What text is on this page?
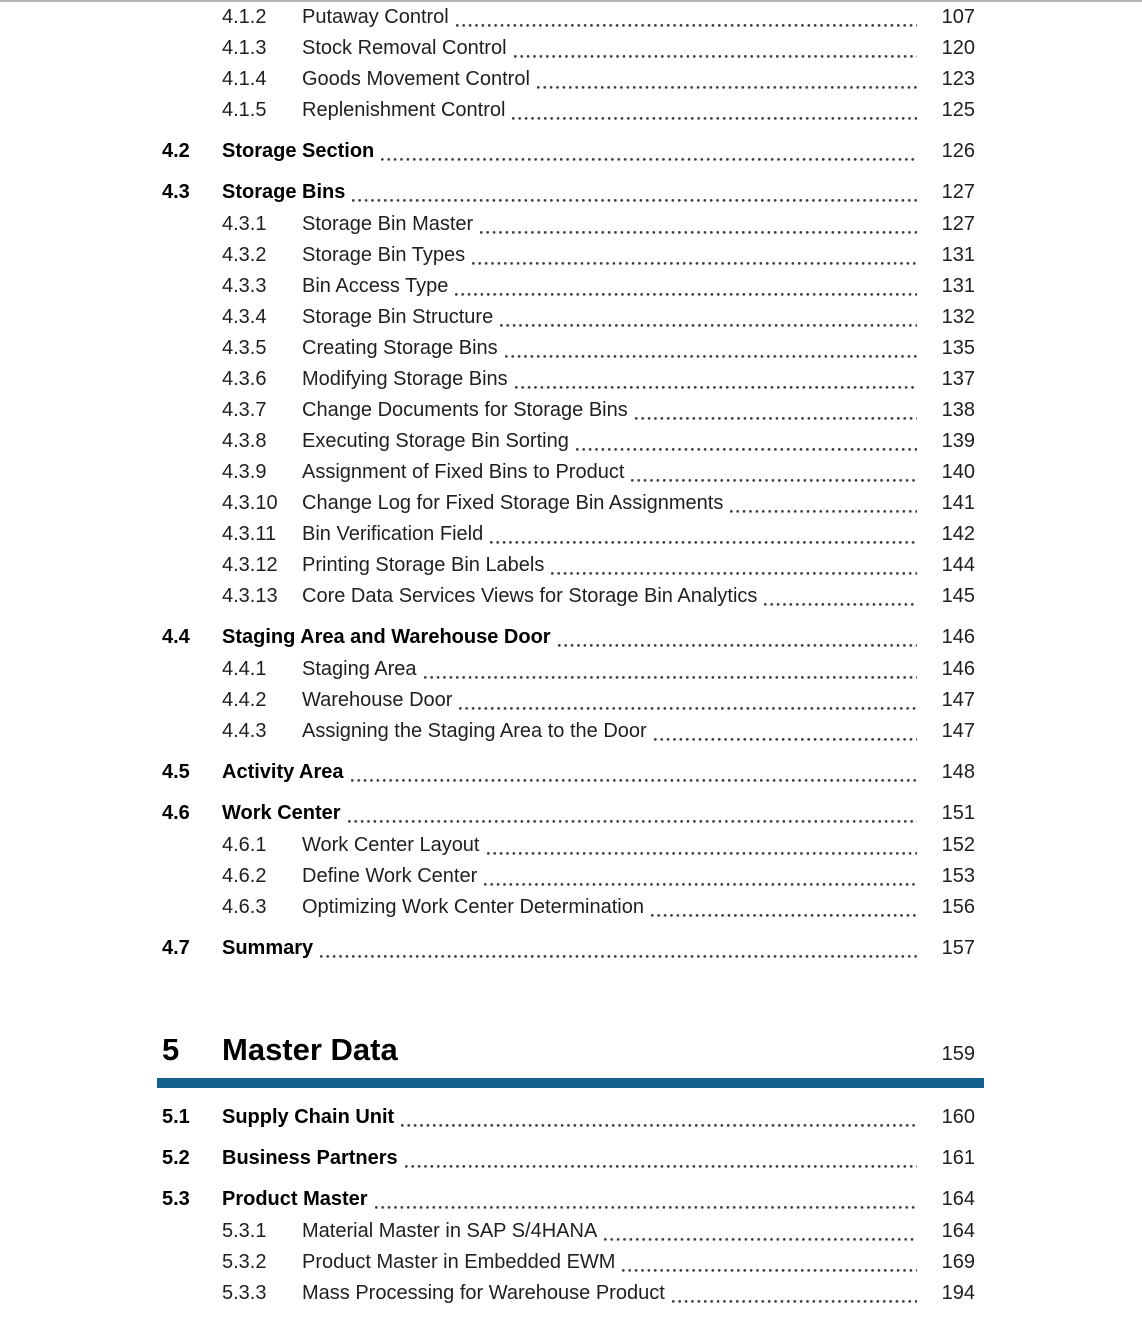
4.1.2	Putaway Control	107
4.1.3	Stock Removal Control	120
4.1.4	Goods Movement Control	123
4.1.5	Replenishment Control	125
4.2	Storage Section	126
4.3	Storage Bins	127
4.3.1	Storage Bin Master	127
4.3.2	Storage Bin Types	131
4.3.3	Bin Access Type	131
4.3.4	Storage Bin Structure	132
4.3.5	Creating Storage Bins	135
4.3.6	Modifying Storage Bins	137
4.3.7	Change Documents for Storage Bins	138
4.3.8	Executing Storage Bin Sorting	139
4.3.9	Assignment of Fixed Bins to Product	140
4.3.10	Change Log for Fixed Storage Bin Assignments	141
4.3.11	Bin Verification Field	142
4.3.12	Printing Storage Bin Labels	144
4.3.13	Core Data Services Views for Storage Bin Analytics	145
4.4	Staging Area and Warehouse Door	146
4.4.1	Staging Area	146
4.4.2	Warehouse Door	147
4.4.3	Assigning the Staging Area to the Door	147
4.5	Activity Area	148
4.6	Work Center	151
4.6.1	Work Center Layout	152
4.6.2	Define Work Center	153
4.6.3	Optimizing Work Center Determination	156
4.7	Summary	157
5	Master Data	159
5.1	Supply Chain Unit	160
5.2	Business Partners	161
5.3	Product Master	164
5.3.1	Material Master in SAP S/4HANA	164
5.3.2	Product Master in Embedded EWM	169
5.3.3	Mass Processing for Warehouse Product	194
